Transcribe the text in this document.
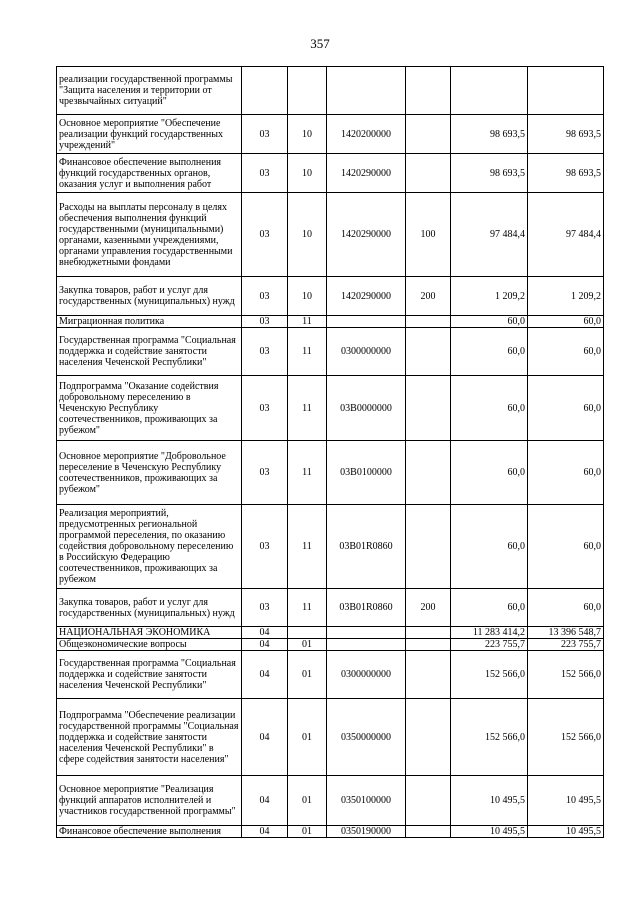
357
реализации государственной программы "Защита населения и территории от чрезвычайных ситуаций"						
Основное мероприятие "Обеспечение реализации функций государственных учреждений"	03	10	1420200000		98 693,5	98 693,5
Финансовое обеспечение выполнения функций государственных органов, оказания услуг и выполнения работ	03	10	1420290000		98 693,5	98 693,5
Расходы на выплаты персоналу в целях обеспечения выполнения функций государственными (муниципальными) органами, казенными учреждениями, органами управления государственными внебюджетными фондами	03	10	1420290000	100	97 484,4	97 484,4
Закупка товаров, работ и услуг для государственных (муниципальных) нужд	03	10	1420290000	200	1 209,2	1 209,2
Миграционная политика	03	11			60,0	60,0
Государственная программа "Социальная поддержка и содействие занятости населения Чеченской Республики"	03	11	0300000000		60,0	60,0
Подпрограмма "Оказание содействия добровольному переселению в Чеченскую Республику соотечественников, проживающих за рубежом"	03	11	03В0000000		60,0	60,0
Основное мероприятие "Добровольное переселение в Чеченскую Республику соотечественников, проживающих за рубежом"	03	11	03В0100000		60,0	60,0
Реализация мероприятий, предусмотренных региональной программой переселения, по оказанию содействия добровольному переселению в Российскую Федерацию соотечественников, проживающих за рубежом	03	11	03В01R0860		60,0	60,0
Закупка товаров, работ и услуг для государственных (муниципальных) нужд	03	11	03В01R0860	200	60,0	60,0
НАЦИОНАЛЬНАЯ ЭКОНОМИКА	04				11 283 414,2	13 396 548,7
Общеэкономические вопросы	04	01			223 755,7	223 755,7
Государственная программа "Социальная поддержка и содействие занятости населения Чеченской Республики"	04	01	0300000000		152 566,0	152 566,0
Подпрограмма "Обеспечение реализации государственной программы "Социальная поддержка и содействие занятости населения Чеченской Республики" в сфере содействия занятости населения"	04	01	0350000000		152 566,0	152 566,0
Основное мероприятие "Реализация функций аппаратов исполнителей и участников государственной программы"	04	01	0350100000		10 495,5	10 495,5
Финансовое обеспечение выполнения	04	01	0350190000		10 495,5	10 495,5
